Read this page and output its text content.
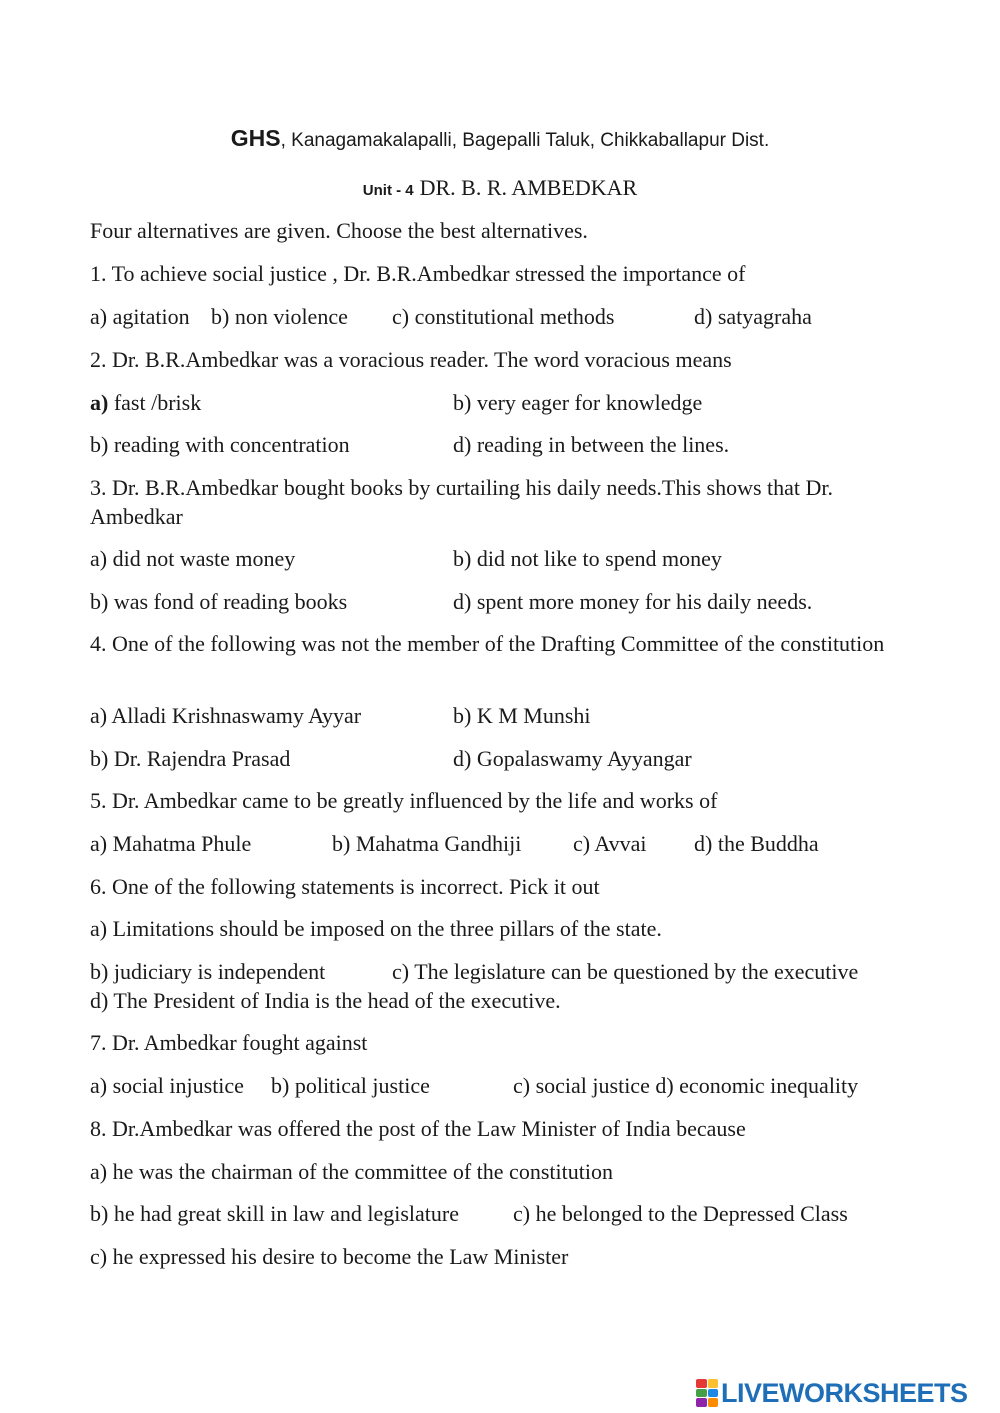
GHS, Kanagamakalapalli, Bagepalli Taluk, Chikkaballapur Dist.
Unit - 4 DR. B. R. AMBEDKAR
Four alternatives are given. Choose the best alternatives.
1. To achieve social justice , Dr. B.R.Ambedkar stressed the importance of
a) agitation b) non violence c) constitutional methods	d) satyagraha
2. Dr. B.R.Ambedkar was a voracious reader. The word voracious means
a) fast /brisk	b) very eager for knowledge
b) reading with concentration	d) reading in between the lines.
3. Dr. B.R.Ambedkar bought books by curtailing his daily needs.This shows that Dr. Ambedkar
a) did not waste money	b) did not like to spend money
b) was fond of reading books	d) spent more money for his daily needs.
4. One of the following was not the member of the Drafting Committee of the constitution
a) Alladi Krishnaswamy Ayyar	b) K M Munshi
b) Dr. Rajendra Prasad	d) Gopalaswamy Ayyangar
5. Dr. Ambedkar came to be greatly influenced by the life and works of
a) Mahatma Phule	b) Mahatma Gandhiji c) Avvai d) the Buddha
6. One of the following statements is incorrect. Pick it out
a) Limitations should be imposed on the three pillars of the state.
b) judiciary is independent	c) The legislature can be questioned by the executive
d) The President of India is the head of the executive.
7. Dr. Ambedkar fought against
a) social injustice b) political justice	c) social justice d) economic inequality
8. Dr.Ambedkar was offered the post of the Law Minister of India because
a) he was the chairman of the committee of the constitution
b) he had great skill in law and legislature c) he belonged to the Depressed Class
c) he expressed his desire to become the Law Minister
LIVEWORKSHEETS
